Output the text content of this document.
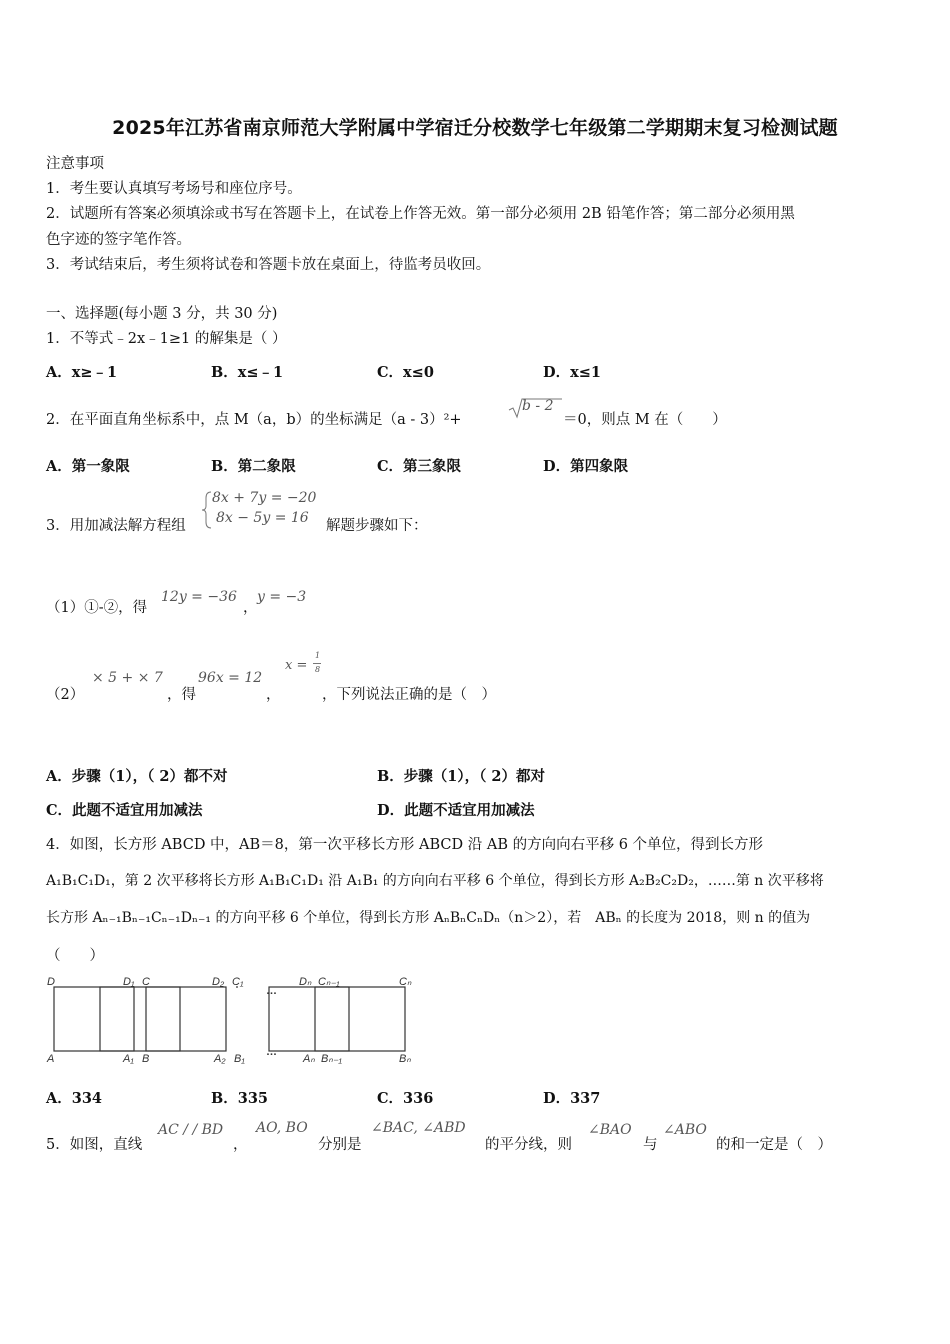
2025年江苏省南京师范大学附属中学宿迁分校数学七年级第二学期期末复习检测试题
注意事项
1．考生要认真填写考场号和座位序号。
2．试题所有答案必须填涂或书写在答题卡上，在试卷上作答无效。第一部分必须用 2B 铅笔作答；第二部分必须用黑
色字迹的签字笔作答。
3．考试结束后，考生须将试卷和答题卡放在桌面上，待监考员收回。
一、选择题(每小题 3 分，共 30 分)
1．不等式﹣2x﹣1≥1 的解集是（ ）
A．x≥﹣1	B．x≤﹣1	C．x≤0	D．x≤1
2．在平面直角坐标系中，点 M（a，b）的坐标满足（a - 3）²+
b - 2
＝0，则点 M 在（　　）
A．第一象限	B．第二象限	C．第三象限	D．第四象限
3．用加减法解方程组
8x + 7y = −20
8x − 5y = 16 解题步骤如下：
（1）①-②，得
12y = −36
，
y = −3
（2）
× 5 + × 7
，得
96x = 12
，
x =
1
8
，下列说法正确的是（　）
A．步骤（1），（ 2）都不对	B．步骤（1），（ 2）都对
C．此题不适宜用加减法	D．此题不适宜用加减法
4．如图，长方形 ABCD 中，AB＝8，第一次平移长方形 ABCD 沿 AB 的方向向右平移 6 个单位，得到长方形
A₁B₁C₁D₁，第 2 次平移将长方形 A₁B₁C₁D₁ 沿 A₁B₁ 的方向向右平移 6 个单位，得到长方形 A₂B₂C₂D₂，……第 n 次平移将
长方形 Aₙ₋₁Bₙ₋₁Cₙ₋₁Dₙ₋₁ 的方向平移 6 个单位，得到长方形 AₙBₙCₙDₙ（n＞2），若　ABₙ 的长度为 2018，则 n 的值为
（　　）
D	D₁ C	D₂ C₁
…
Dₙ Cₙ₋₁	Cₙ
A	A₁ B	A₂ B₁
…
Aₙ Bₙ₋₁	Bₙ
A．334	B．335	C．336	D．337
5．如图，直线
AC / / BD
，
AO, BO
分别是
∠BAC, ∠ABD
的平分线，则
∠BAO
与
∠ABO
的和一定是（　）
